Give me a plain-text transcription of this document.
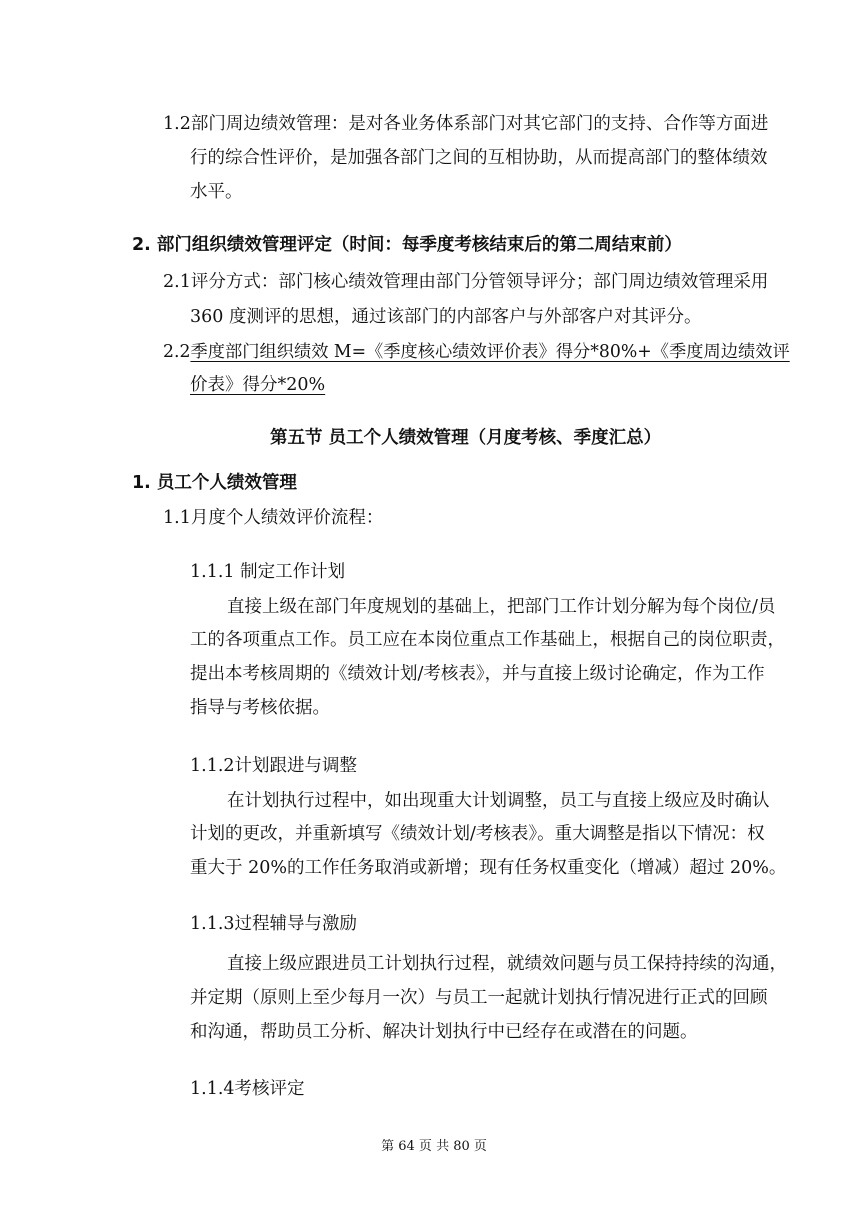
1.2部门周边绩效管理：是对各业务体系部门对其它部门的支持、合作等方面进
行的综合性评价，是加强各部门之间的互相协助，从而提高部门的整体绩效
水平。
2. 部门组织绩效管理评定（时间：每季度考核结束后的第二周结束前）
2.1评分方式：部门核心绩效管理由部门分管领导评分；部门周边绩效管理采用
360 度测评的思想，通过该部门的内部客户与外部客户对其评分。
2.2季度部门组织绩效 M=《季度核心绩效评价表》得分*80%+《季度周边绩效评
价表》得分*20%
第五节 员工个人绩效管理（月度考核、季度汇总）
1. 员工个人绩效管理
1.1月度个人绩效评价流程：
1.1.1 制定工作计划
直接上级在部门年度规划的基础上，把部门工作计划分解为每个岗位/员
工的各项重点工作。员工应在本岗位重点工作基础上，根据自己的岗位职责，
提出本考核周期的《绩效计划/考核表》，并与直接上级讨论确定，作为工作
指导与考核依据。
1.1.2计划跟进与调整
在计划执行过程中，如出现重大计划调整，员工与直接上级应及时确认
计划的更改，并重新填写《绩效计划/考核表》。重大调整是指以下情况：权
重大于 20%的工作任务取消或新增；现有任务权重变化（增减）超过 20%。
1.1.3过程辅导与激励
直接上级应跟进员工计划执行过程，就绩效问题与员工保持持续的沟通，
并定期（原则上至少每月一次）与员工一起就计划执行情况进行正式的回顾
和沟通，帮助员工分析、解决计划执行中已经存在或潜在的问题。
1.1.4考核评定
第 64 页 共 80 页
